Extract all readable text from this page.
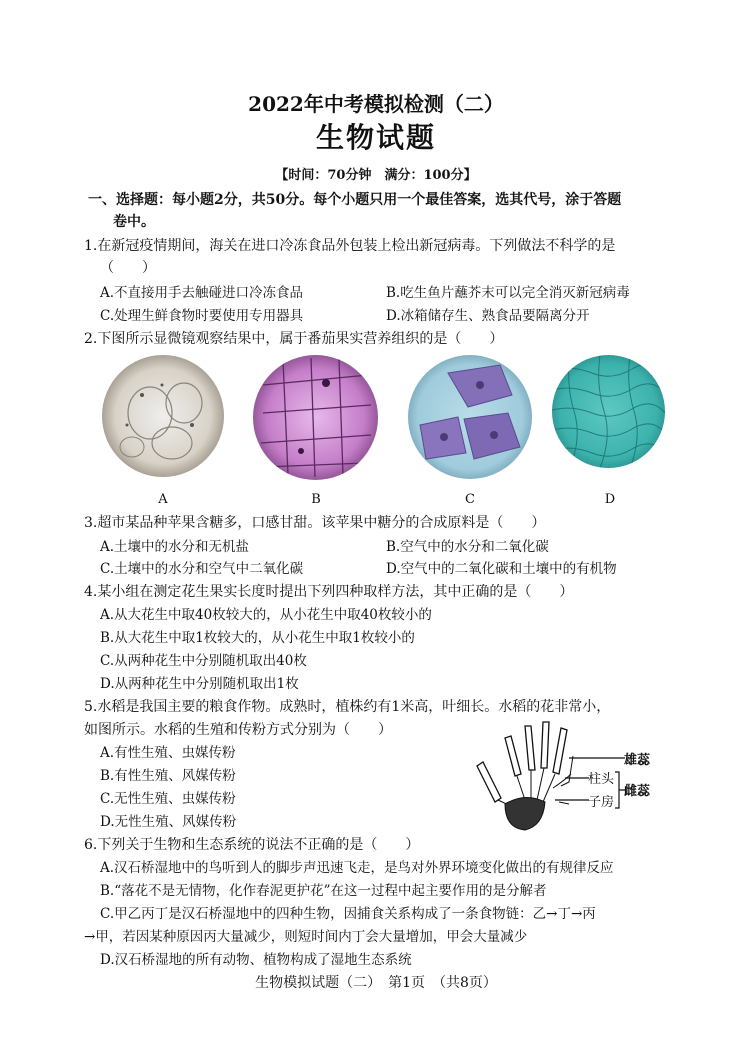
2022年中考模拟检测（二）
生物试题
【时间：70分钟　满分：100分】
一、选择题：每小题2分，共50分。每个小题只用一个最佳答案，选其代号，涂于答题
卷中。
1.在新冠疫情期间，海关在进口冷冻食品外包装上检出新冠病毒。下列做法不科学的是
（　　）
A.不直接用手去触碰进口冷冻食品	B.吃生鱼片蘸芥末可以完全消灭新冠病毒
C.处理生鲜食物时要使用专用器具	D.冰箱储存生、熟食品要隔离分开
2.下图所示显微镜观察结果中，属于番茄果实营养组织的是（　　）
A	B	C	D
3.超市某品种苹果含糖多，口感甘甜。该苹果中糖分的合成原料是（　　）
A.土壤中的水分和无机盐	B.空气中的水分和二氧化碳
C.土壤中的水分和空气中二氧化碳	D.空气中的二氧化碳和土壤中的有机物
4.某小组在测定花生果实长度时提出下列四种取样方法，其中正确的是（　　）
A.从大花生中取40枚较大的，从小花生中取40枚较小的
B.从大花生中取1枚较大的，从小花生中取1枚较小的
C.从两种花生中分别随机取出40枚
D.从两种花生中分别随机取出1枚
5.水稻是我国主要的粮食作物。成熟时，植株约有1米高，叶细长。水稻的花非常小，
如图所示。水稻的生殖和传粉方式分别为（　　）
A.有性生殖、虫媒传粉
B.有性生殖、风媒传粉
C.无性生殖、虫媒传粉
D.无性生殖、风媒传粉
雄蕊
柱头
子房
雌蕊
6.下列关于生物和生态系统的说法不正确的是（　　）
A.汉石桥湿地中的鸟听到人的脚步声迅速飞走，是鸟对外界环境变化做出的有规律反应
B.“落花不是无情物，化作春泥更护花”在这一过程中起主要作用的是分解者
C.甲乙丙丁是汉石桥湿地中的四种生物，因捕食关系构成了一条食物链：乙→丁→丙
→甲，若因某种原因丙大量减少，则短时间内丁会大量增加，甲会大量减少
D.汉石桥湿地的所有动物、植物构成了湿地生态系统
生物模拟试题（二）　第1页　（共8页）
